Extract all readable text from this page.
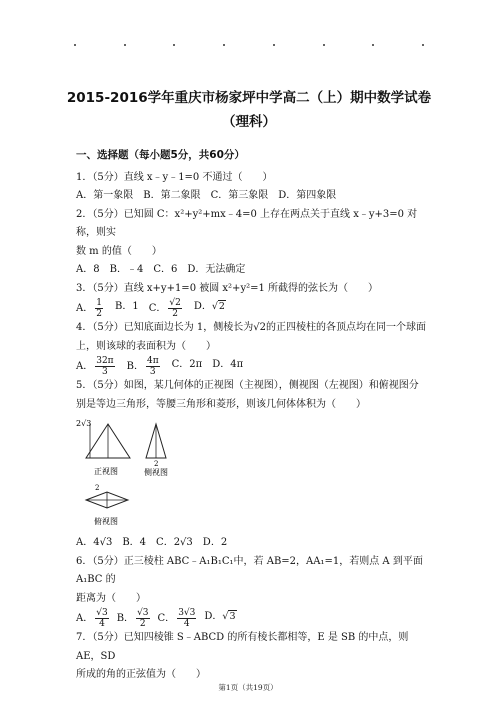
2015-2016学年重庆市杨家坪中学高二（上）期中数学试卷（理科）
一、选择题（每小题5分，共60分）
1．（5分）直线 x﹣y﹣1=0 不通过（　　）
A．第一象限 B．第二象限 C．第三象限 D．第四象限
2．（5分）已知圆 C：x²+y²+mx﹣4=0 上存在两点关于直线 x﹣y+3=0 对称，则实
数 m 的值（　　）
A．8 B．﹣4 C．6 D．无法确定
3．（5分）直线 x+y+1=0 被圆 x²+y²=1 所截得的弦长为（　　）
A． $\frac{1}{2}$ B．1 C． $\frac{√2}{2}$ D．√2
4．（5分）已知底面边长为 1，侧棱长为√2的正四棱柱的各顶点均在同一个球面
上，则该球的表面积为（　　）
A． $\frac{32\pi}{3}$ B． $\frac{4\pi}{3}$ C．2π D．4π
5．（5分）如图，某几何体的正视图（主视图），侧视图（左视图）和俯视图分
别是等边三角形，等腰三角形和菱形，则该几何体体积为（　　）
2√3
正视图
2
侧视图
2
俯视图
A．4√3 B．4 C．2√3 D．2
6．（5分）正三棱柱 ABC﹣A₁B₁C₁中，若 AB=2，AA₁=1，若则点 A 到平面 A₁BC 的
距离为（　　）
A． $\frac{√3}{4}$ B． $\frac{√3}{2}$ C． $\frac{3√3}{4}$ D．√3
7．（5分）已知四棱锥 S﹣ABCD 的所有棱长都相等，E 是 SB 的中点，则 AE，SD
所成的角的正弦值为（　　）
第1页（共19页）
